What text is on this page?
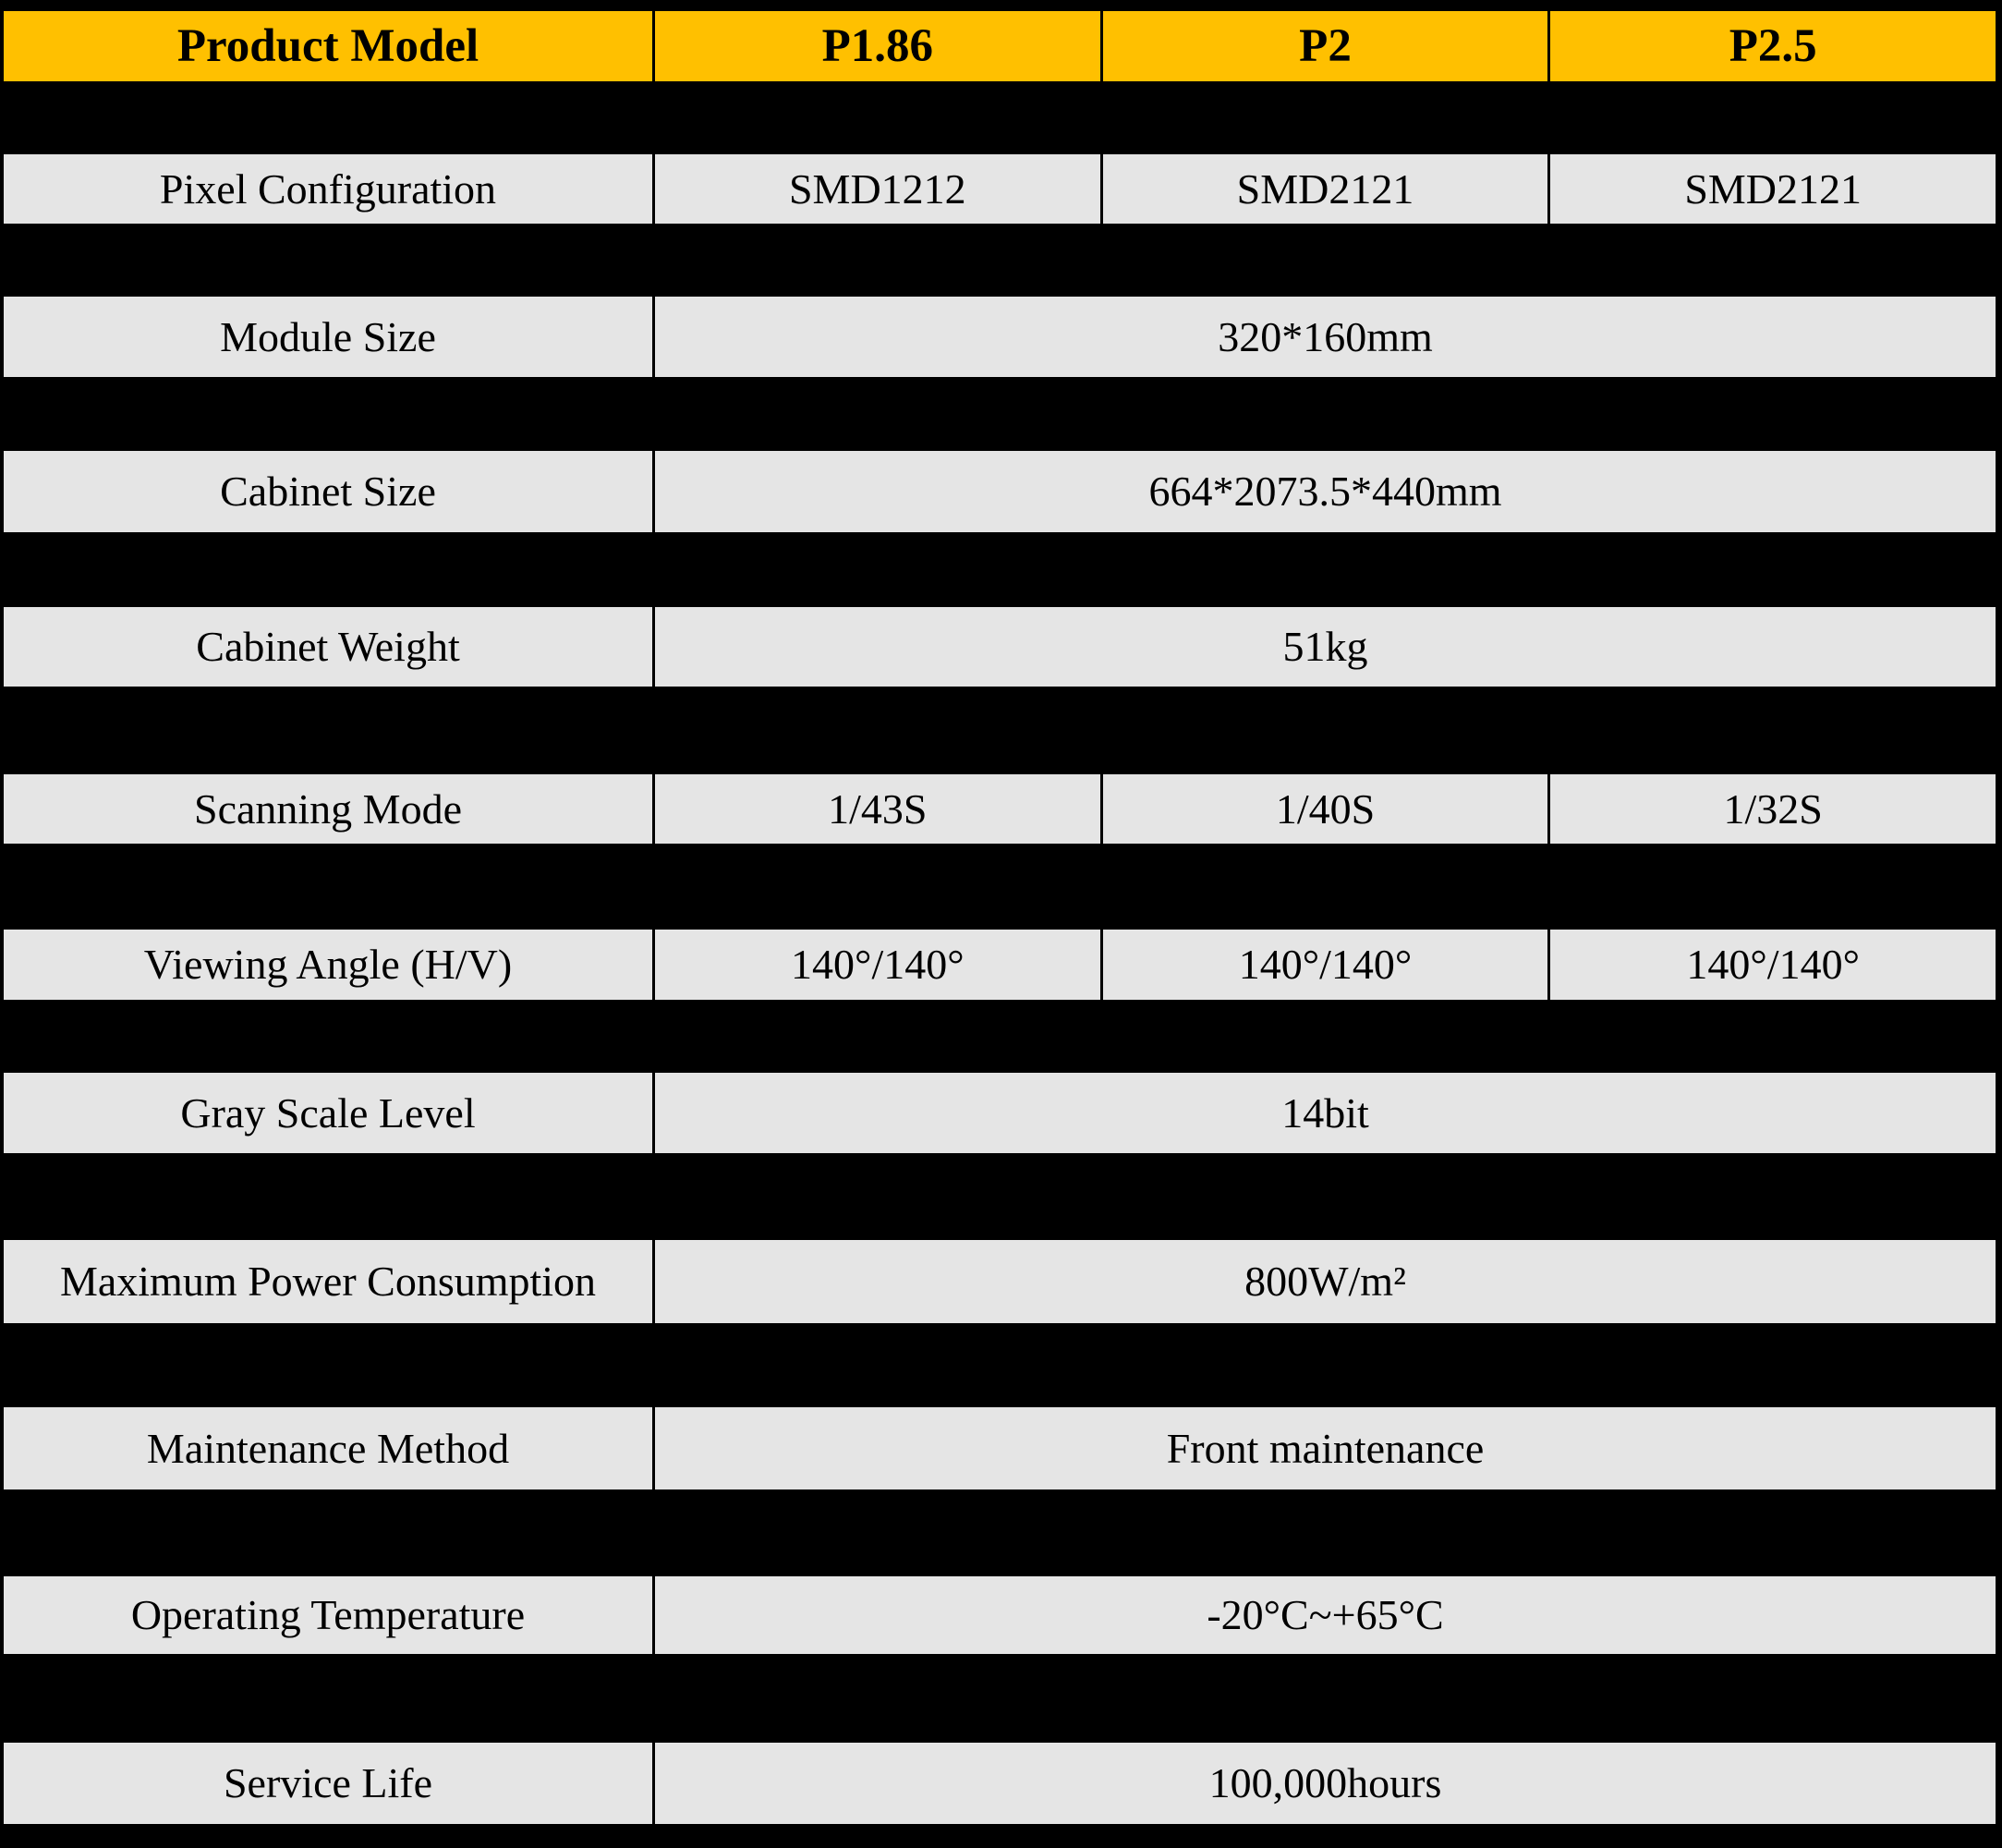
Product Model	P1.86	P2	P2.5
Pixel Configuration	SMD1212	SMD2121	SMD2121
Module Size	320*160mm
Cabinet Size	664*2073.5*440mm
Cabinet Weight	51kg
Scanning Mode	1/43S	1/40S	1/32S
Viewing Angle (H/V)	140°/140°	140°/140°	140°/140°
Gray Scale Level	14bit
Maximum Power Consumption	800W/m²
Maintenance Method	Front maintenance
Operating Temperature	-20°C~+65°C
Service Life	100,000hours
